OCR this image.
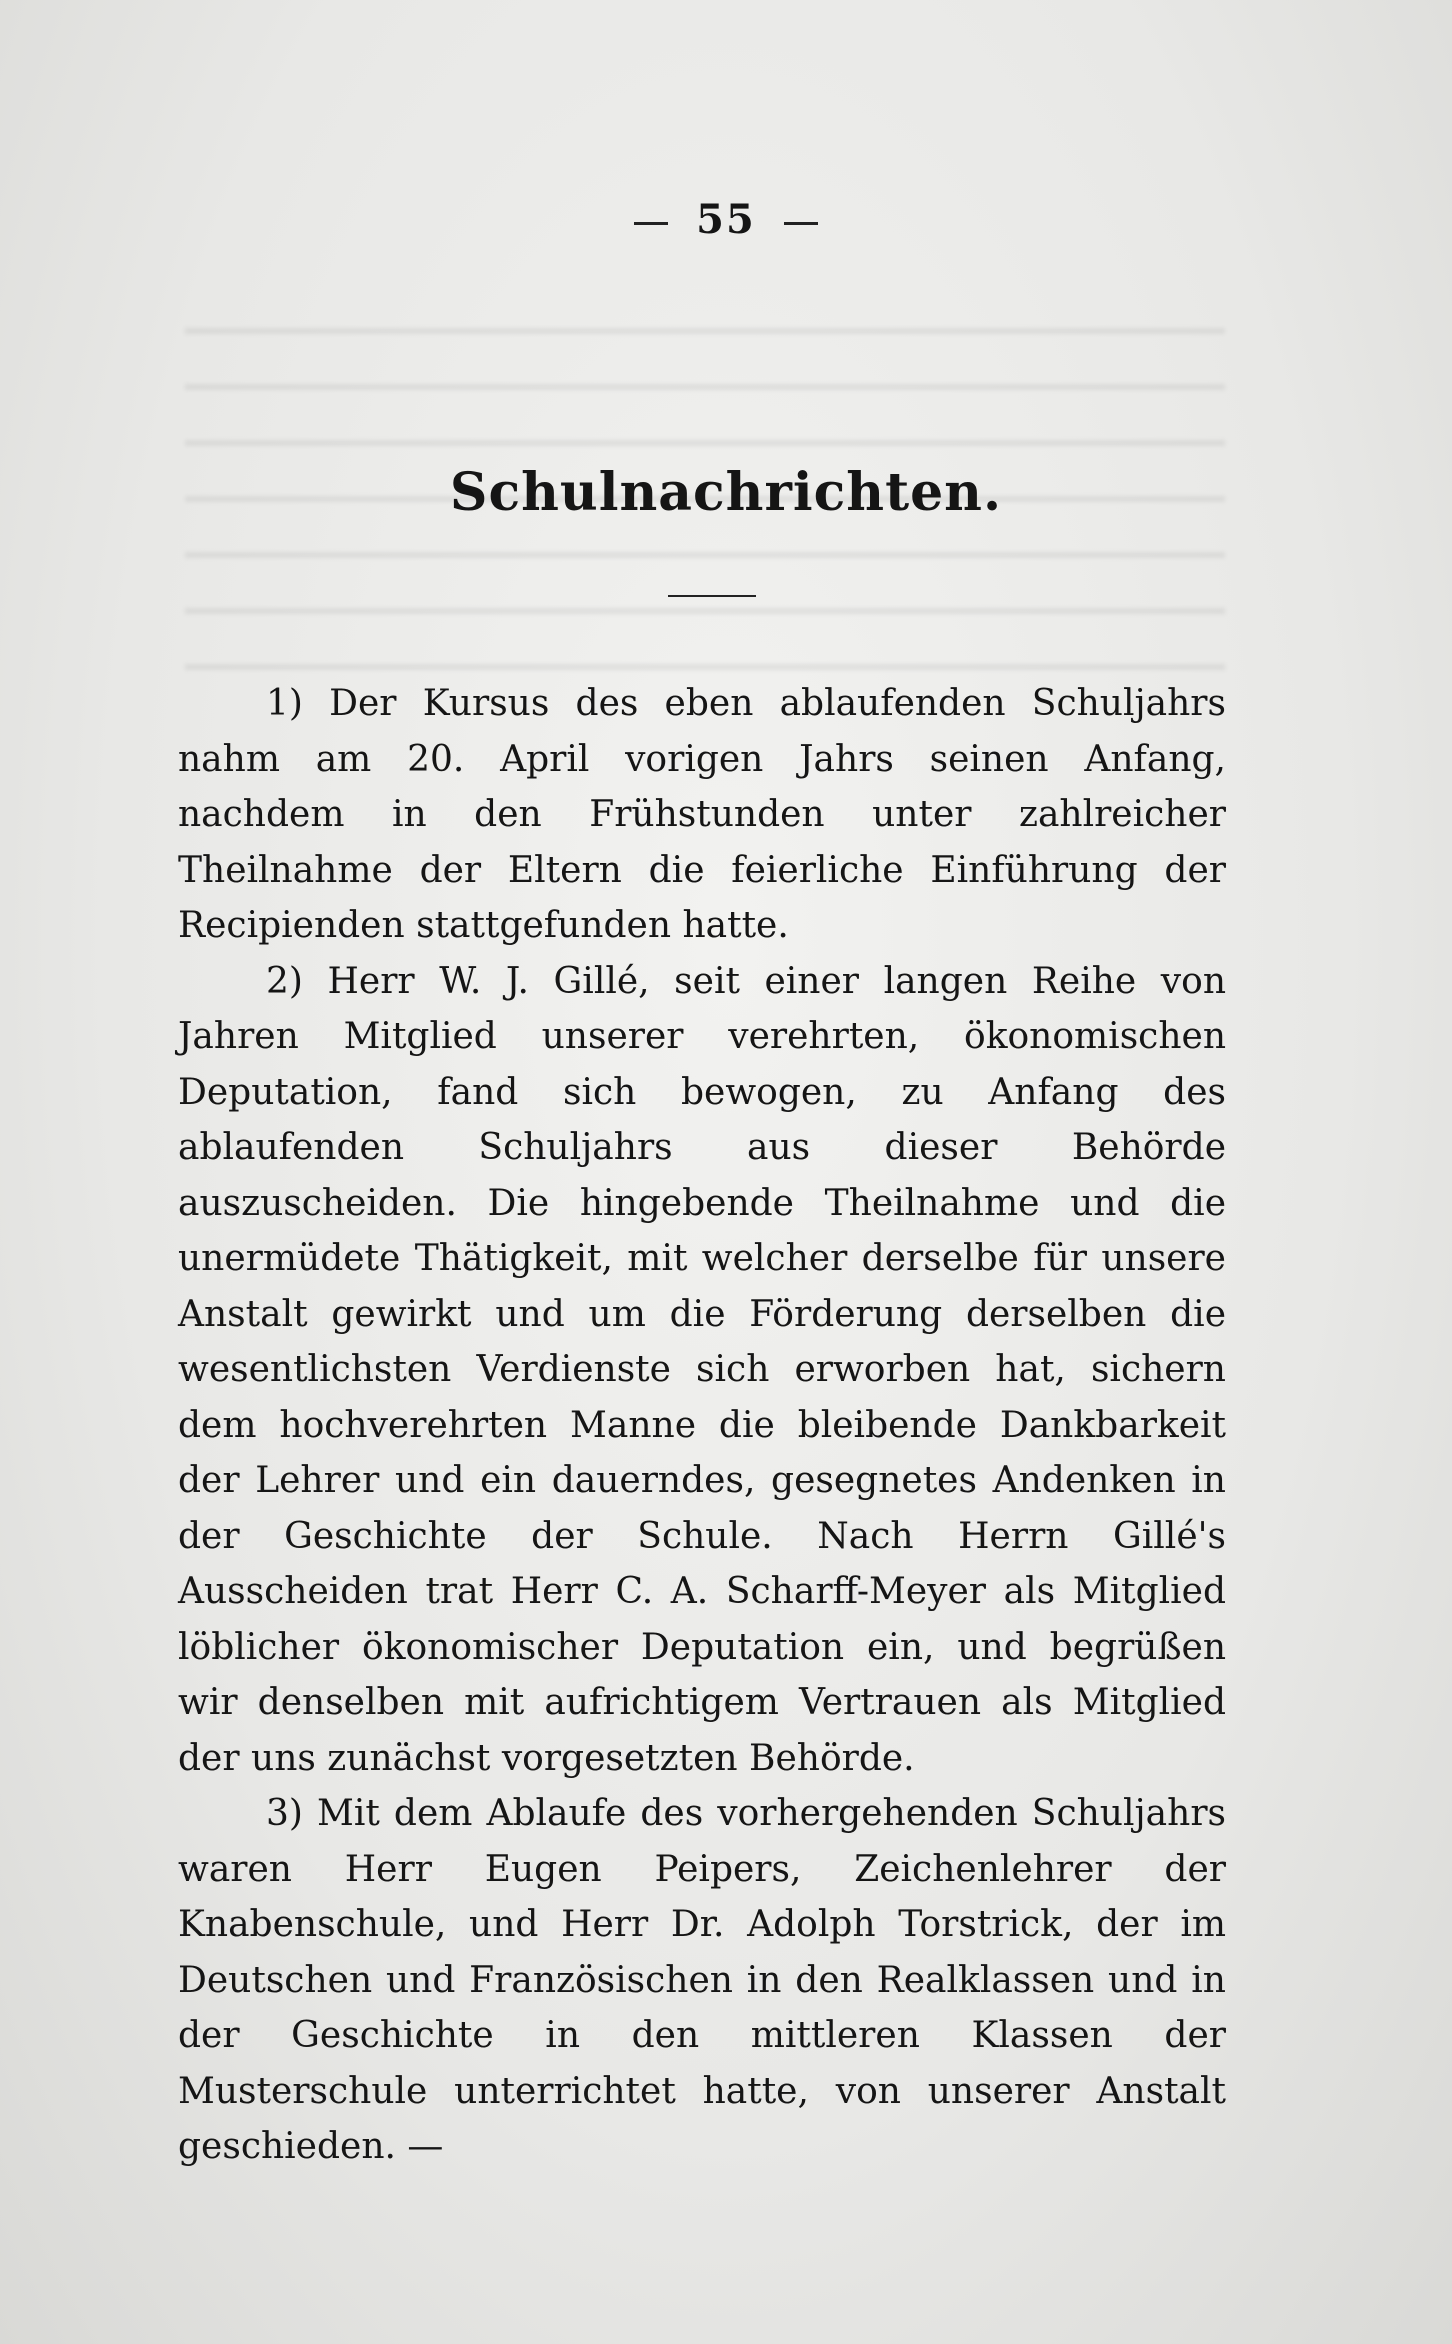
55
Schulnachrichten.

1) Der Kursus des eben ablaufenden Schuljahrs nahm am 20. April vorigen Jahrs seinen Anfang, nachdem in den Frühstunden unter zahlreicher Theilnahme der Eltern die feierliche Einführung der Recipienden stattgefunden hatte.

2) Herr W. J. Gillé, seit einer langen Reihe von Jahren Mitglied unserer verehrten, ökonomischen Deputation, fand sich bewogen, zu Anfang des ablaufenden Schuljahrs aus dieser Behörde auszuscheiden. Die hingebende Theilnahme und die unermüdete Thätigkeit, mit welcher derselbe für unsere Anstalt gewirkt und um die Förderung derselben die wesentlichsten Verdienste sich erworben hat, sichern dem hochverehrten Manne die bleibende Dankbarkeit der Lehrer und ein dauerndes, gesegnetes Andenken in der Geschichte der Schule. Nach Herrn Gillé's Ausscheiden trat Herr C. A. Scharff-Meyer als Mitglied löblicher ökonomischer Deputation ein, und begrüßen wir denselben mit aufrichtigem Vertrauen als Mitglied der uns zunächst vorgesetzten Behörde.

3) Mit dem Ablaufe des vorhergehenden Schuljahrs waren Herr Eugen Peipers, Zeichenlehrer der Knabenschule, und Herr Dr. Adolph Torstrick, der im Deutschen und Französischen in den Realklassen und in der Geschichte in den mittleren Klassen der Musterschule unterrichtet hatte, von unserer Anstalt geschieden. —
